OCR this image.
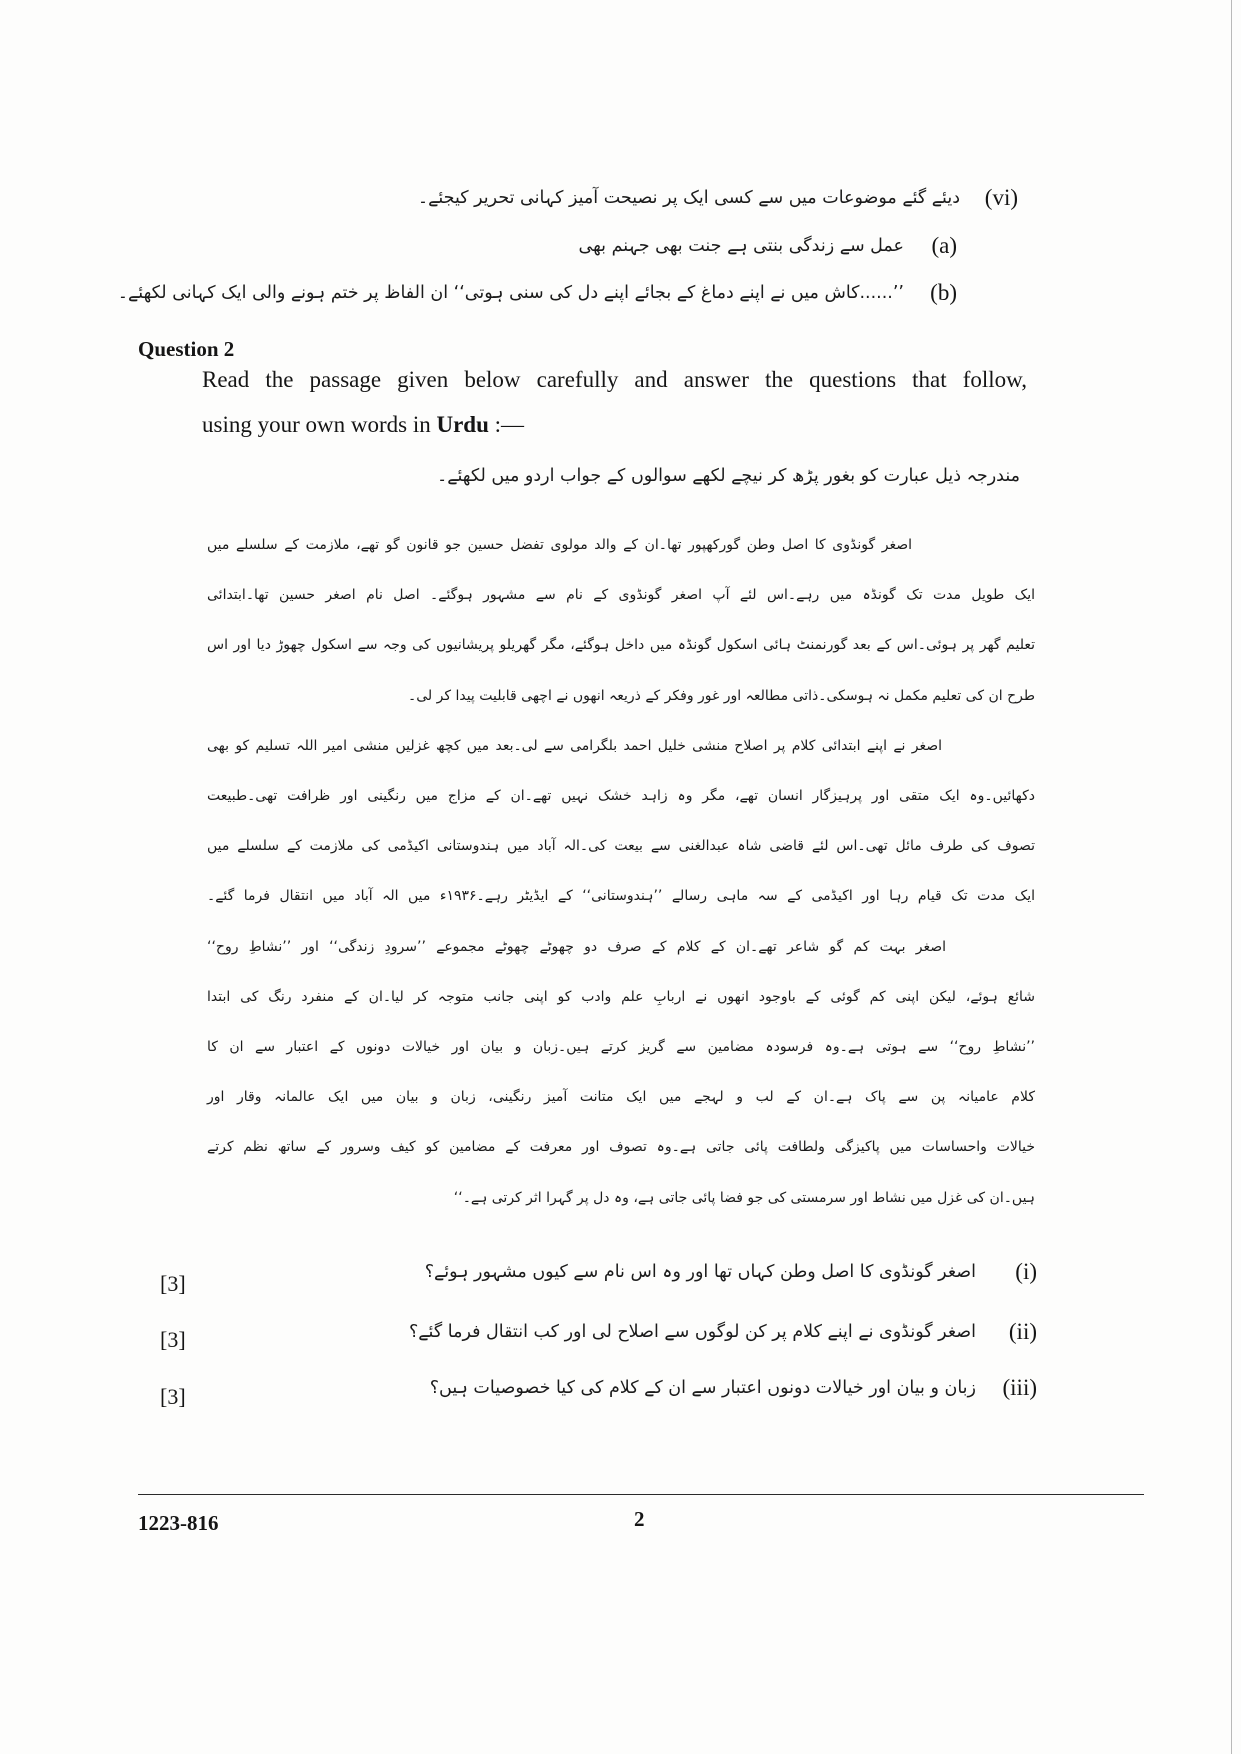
(vi)
دیئے گئے موضوعات میں سے کسی ایک پر نصیحت آمیز کہانی تحریر کیجئے۔
(a)
عمل سے زندگی بنتی ہے جنت بھی جہنم بھی
(b)
’’......کاش میں نے اپنے دماغ کے بجائے اپنے دل کی سنی ہوتی‘‘ ان الفاظ پر ختم ہونے والی ایک کہانی لکھئے۔
Question 2
Read the passage given below carefully and answer the questions that follow,
using your own words in Urdu :—
مندرجہ ذیل عبارت کو بغور پڑھ کر نیچے لکھے سوالوں کے جواب اردو میں لکھئے۔
اصغر گونڈوی کا اصل وطن گورکھپور تھا۔ان کے والد مولوی تفضل حسین جو قانون گو تھے، ملازمت کے سلسلے میں
ایک طویل مدت تک گونڈہ میں رہے۔اس لئے آپ اصغر گونڈوی کے نام سے مشہور ہوگئے۔ اصل نام اصغر حسین تھا۔ابتدائی
تعلیم گھر پر ہوئی۔اس کے بعد گورنمنٹ ہائی اسکول گونڈہ میں داخل ہوگئے، مگر گھریلو پریشانیوں کی وجہ سے اسکول چھوڑ دیا اور اس
طرح ان کی تعلیم مکمل نہ ہوسکی۔ذاتی مطالعہ اور غور وفکر کے ذریعہ انھوں نے اچھی قابلیت پیدا کر لی۔
اصغر نے اپنے ابتدائی کلام پر اصلاح منشی خلیل احمد بلگرامی سے لی۔بعد میں کچھ غزلیں منشی امیر اللہ تسلیم کو بھی
دکھائیں۔وہ ایک متقی اور پرہیزگار انسان تھے، مگر وہ زاہد خشک نہیں تھے۔ان کے مزاج میں رنگینی اور ظرافت تھی۔طبیعت
تصوف کی طرف مائل تھی۔اس لئے قاضی شاہ عبدالغنی سے بیعت کی۔الہ آباد میں ہندوستانی اکیڈمی کی ملازمت کے سلسلے میں
ایک مدت تک قیام رہا اور اکیڈمی کے سہ ماہی رسالے ’’ہندوستانی‘‘ کے ایڈیٹر رہے۔۱۹۳۶ء میں الہ آباد میں انتقال فرما گئے۔
اصغر بہت کم گو شاعر تھے۔ان کے کلام کے صرف دو چھوٹے چھوٹے مجموعے ’’سرودِ زندگی‘‘ اور ’’نشاطِ روح‘‘
شائع ہوئے، لیکن اپنی کم گوئی کے باوجود انھوں نے اربابِ علم وادب کو اپنی جانب متوجہ کر لیا۔ان کے منفرد رنگ کی ابتدا
’’نشاطِ روح‘‘ سے ہوتی ہے۔وہ فرسودہ مضامین سے گریز کرتے ہیں۔زبان و بیان اور خیالات دونوں کے اعتبار سے ان کا
کلام عامیانہ پن سے پاک ہے۔ان کے لب و لہجے میں ایک متانت آمیز رنگینی، زبان و بیان میں ایک عالمانہ وقار اور
خیالات واحساسات میں پاکیزگی ولطافت پائی جاتی ہے۔وہ تصوف اور معرفت کے مضامین کو کیف وسرور کے ساتھ نظم کرتے
ہیں۔ان کی غزل میں نشاط اور سرمستی کی جو فضا پائی جاتی ہے، وہ دل پر گہرا اثر کرتی ہے۔‘‘
[3]	(i)
اصغر گونڈوی کا اصل وطن کہاں تھا اور وہ اس نام سے کیوں مشہور ہوئے؟
[3]	(ii)
اصغر گونڈوی نے اپنے کلام پر کن لوگوں سے اصلاح لی اور کب انتقال فرما گئے؟
[3]	(iii)
زبان و بیان اور خیالات دونوں اعتبار سے ان کے کلام کی کیا خصوصیات ہیں؟
1223-816	2
